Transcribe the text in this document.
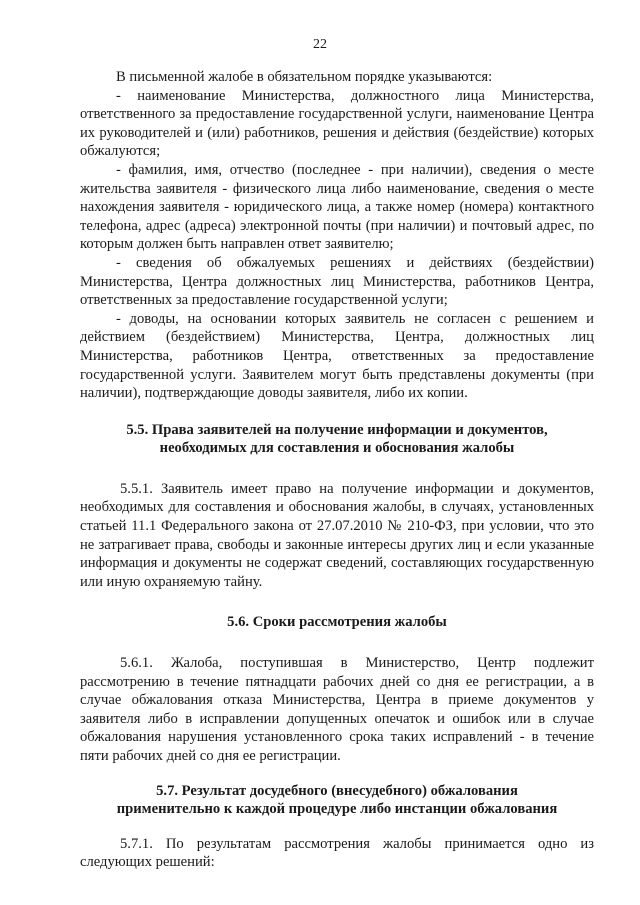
22

В письменной жалобе в обязательном порядке указываются:

- наименование Министерства, должностного лица Министерства, ответственного за предоставление государственной услуги, наименование Центра их руководителей и (или) работников, решения и действия (бездействие) которых обжалуются;

- фамилия, имя, отчество (последнее - при наличии), сведения о месте жительства заявителя - физического лица либо наименование, сведения о месте нахождения заявителя - юридического лица, а также номер (номера) контактного телефона, адрес (адреса) электронной почты (при наличии) и почтовый адрес, по которым должен быть направлен ответ заявителю;

- сведения об обжалуемых решениях и действиях (бездействии) Министерства, Центра должностных лиц Министерства, работников Центра, ответственных за предоставление государственной услуги;

- доводы, на основании которых заявитель не согласен с решением и действием (бездействием) Министерства, Центра, должностных лиц Министерства, работников Центра, ответственных за предоставление государственной услуги. Заявителем могут быть представлены документы (при наличии), подтверждающие доводы заявителя, либо их копии.

5.5. Права заявителей на получение информации и документов,
необходимых для составления и обоснования жалобы

5.5.1. Заявитель имеет право на получение информации и документов, необходимых для составления и обоснования жалобы, в случаях, установленных статьей 11.1 Федерального закона от 27.07.2010 № 210-ФЗ, при условии, что это не затрагивает права, свободы и законные интересы других лиц и если указанные информация и документы не содержат сведений, составляющих государственную или иную охраняемую тайну.

5.6. Сроки рассмотрения жалобы

5.6.1. Жалоба, поступившая в Министерство, Центр подлежит рассмотрению в течение пятнадцати рабочих дней со дня ее регистрации, а в случае обжалования отказа Министерства, Центра в приеме документов у заявителя либо в исправлении допущенных опечаток и ошибок или в случае обжалования нарушения установленного срока таких исправлений - в течение пяти рабочих дней со дня ее регистрации.

5.7. Результат досудебного (внесудебного) обжалования
применительно к каждой процедуре либо инстанции обжалования

5.7.1. По результатам рассмотрения жалобы принимается одно из следующих решений:
